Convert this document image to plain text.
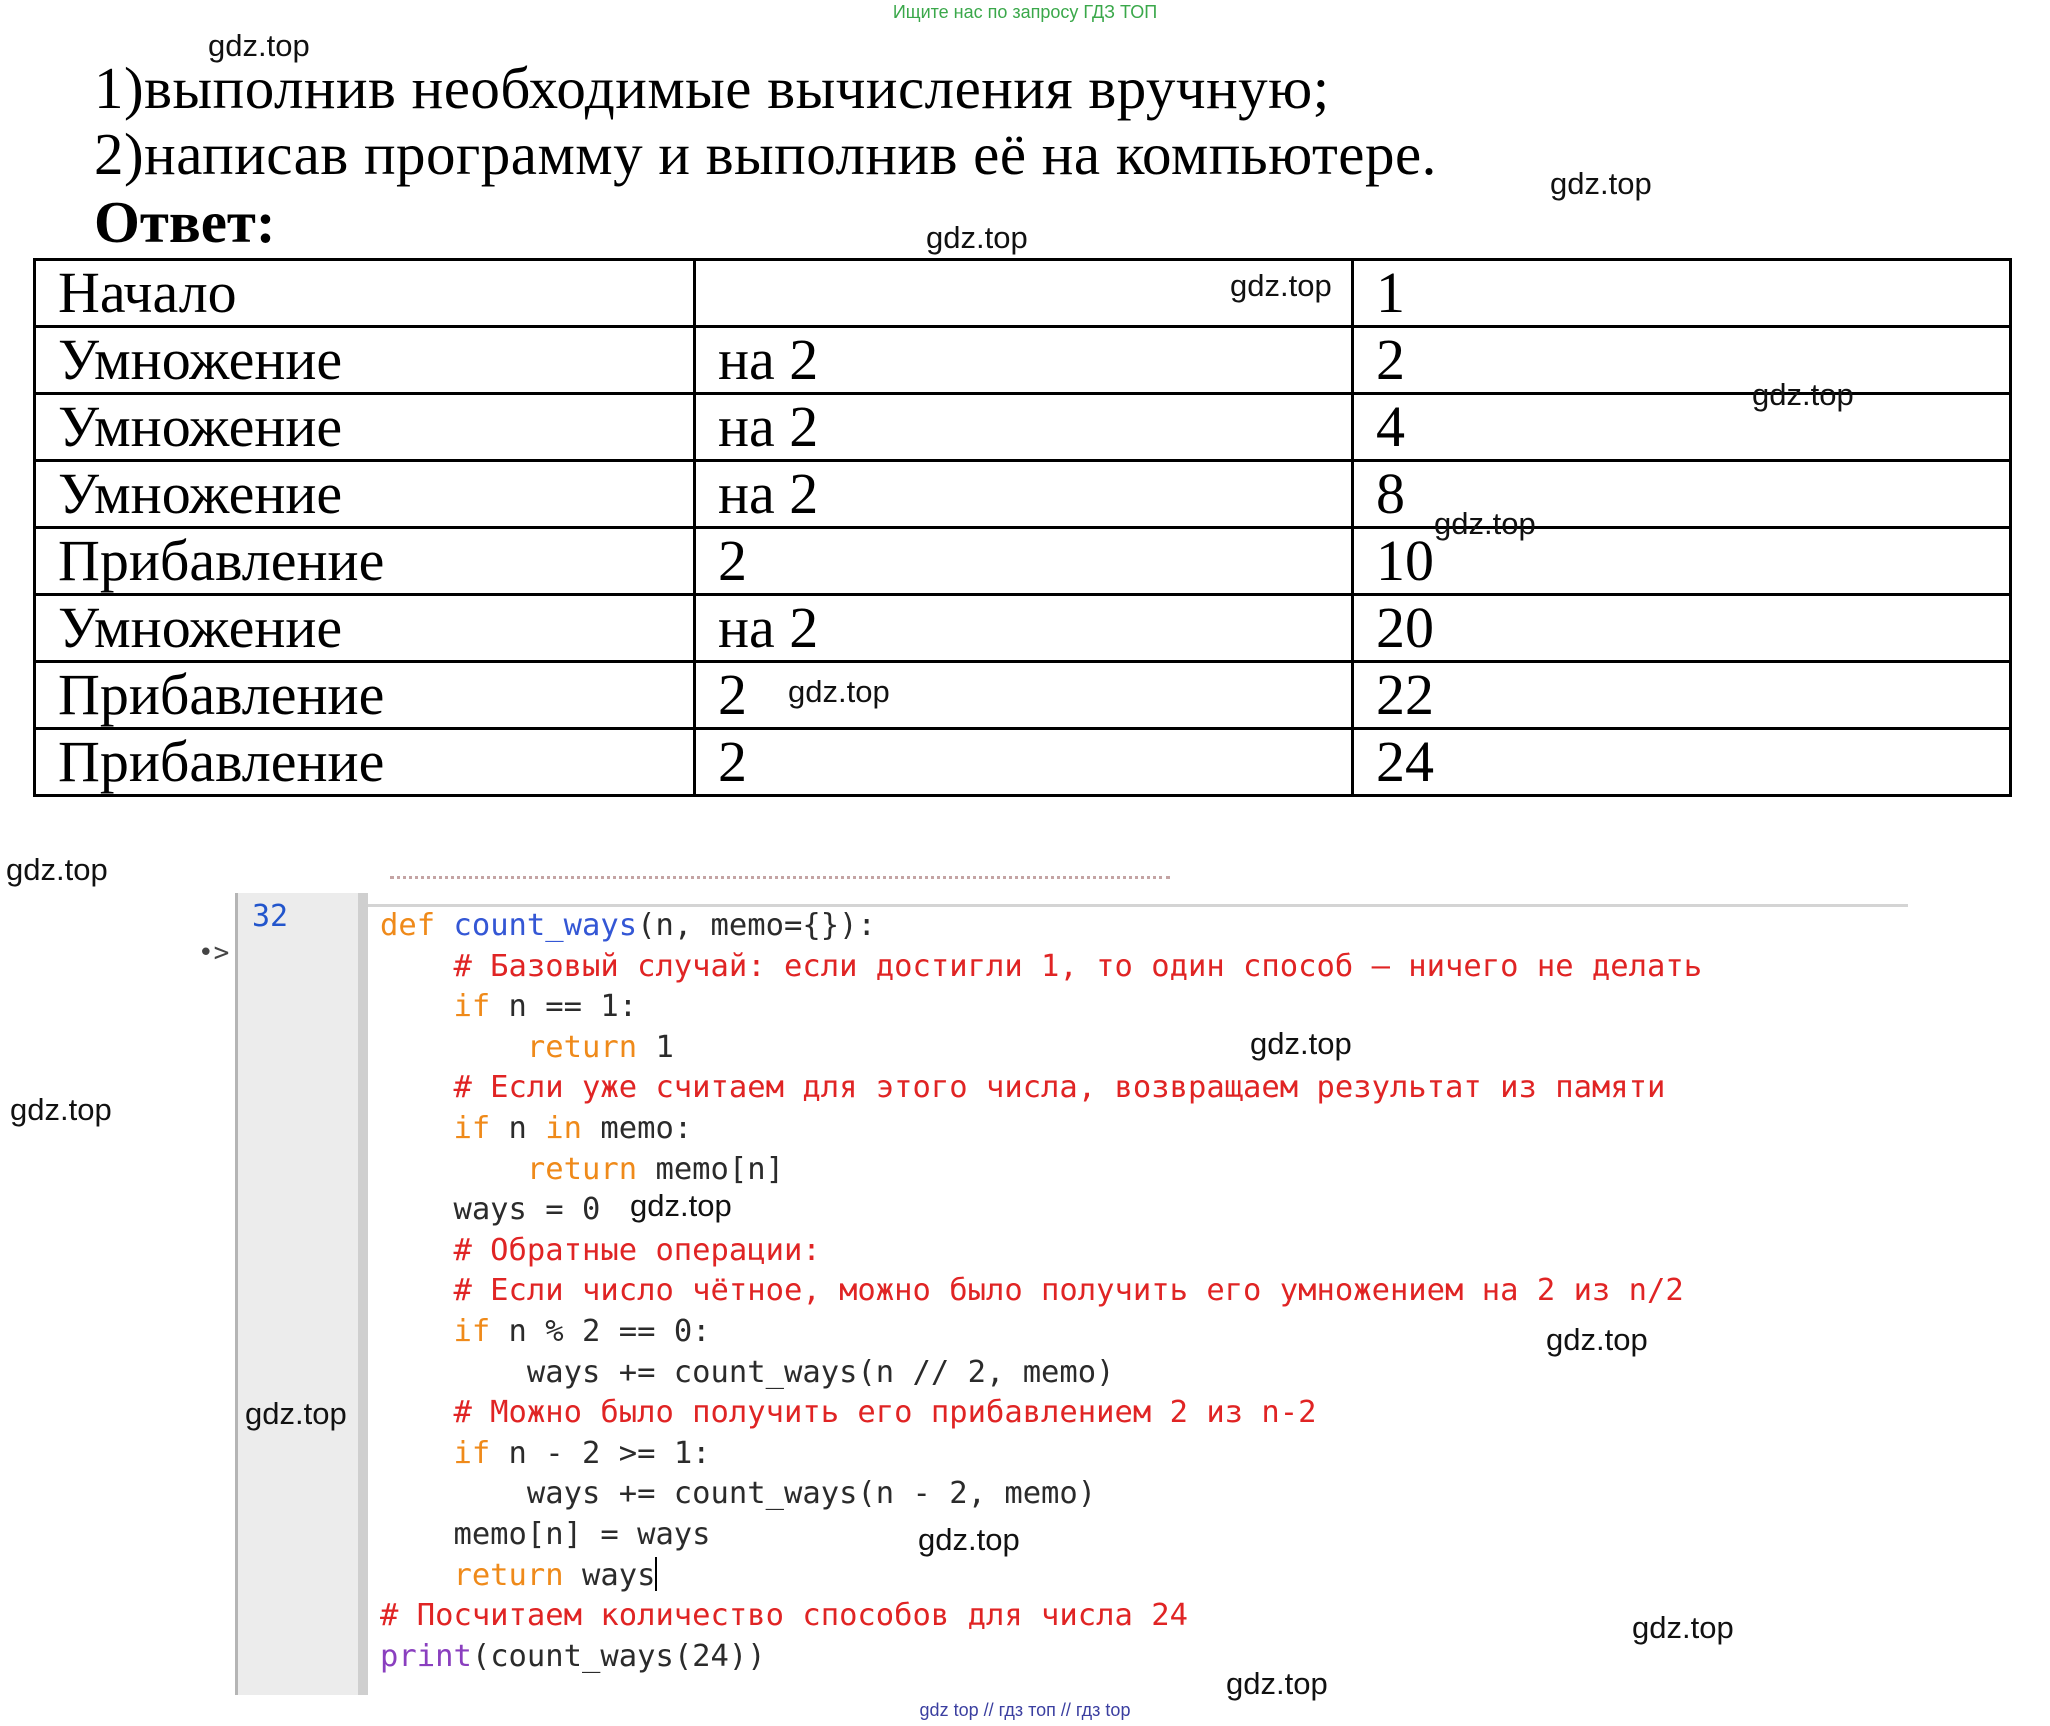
Ищите нас по запросу ГДЗ ТОП
1)выполнив необходимые вычисления вручную;
2)написав программу и выполнив её на компьютере.
Ответ:
Начало		1
Умножение	на 2	2
Умножение	на 2	4
Умножение	на 2	8
Прибавление	2	10
Умножение	на 2	20
Прибавление	2	22
Прибавление	2	24
32
•>
def count_ways(n, memo={}):
# Базовый случай: если достигли 1, то один способ — ничего не делать
if n == 1:
return 1
# Если уже считаем для этого числа, возвращаем результат из памяти
if n in memo:
return memo[n]
ways = 0
# Обратные операции:
# Если число чётное, можно было получить его умножением на 2 из n/2
if n % 2 == 0:
ways += count_ways(n // 2, memo)
# Можно было получить его прибавлением 2 из n-2
if n - 2 >= 1:
ways += count_ways(n - 2, memo)
memo[n] = ways
return ways
# Посчитаем количество способов для числа 24
print(count_ways(24))
gdz.top
gdz.top
gdz.top
gdz.top
gdz.top
gdz.top
gdz.top
gdz.top
gdz.top
gdz.top
gdz.top
gdz.top
gdz.top
gdz.top
gdz.top
gdz.top
gdz top // гдз топ // гдз top
